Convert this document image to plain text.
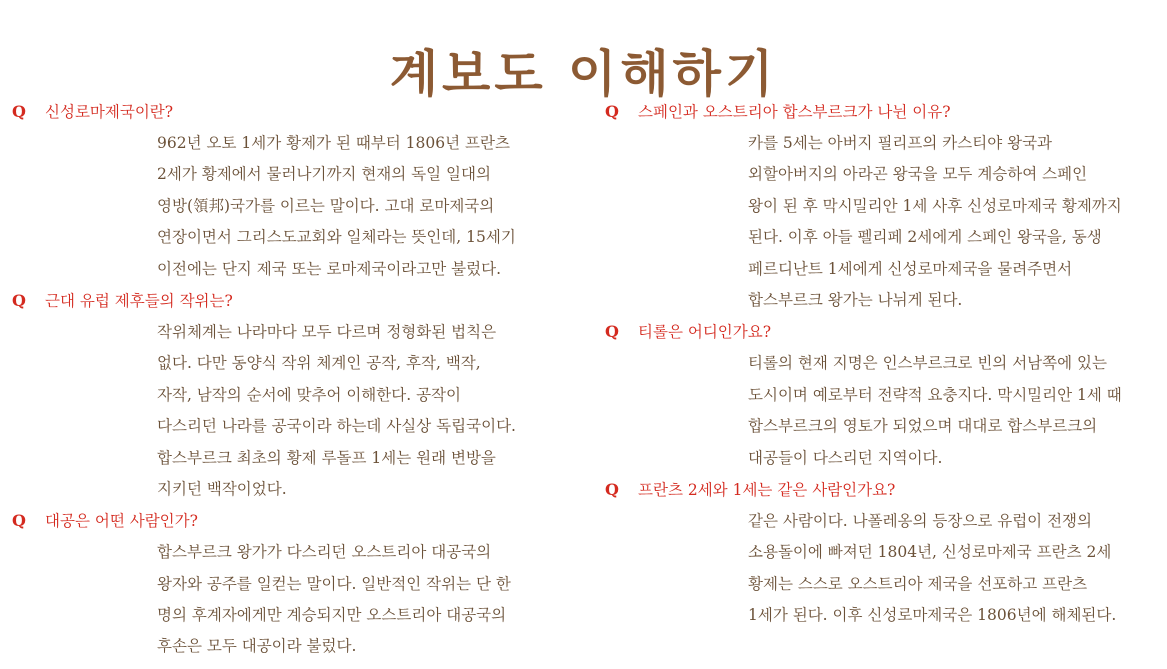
계보도 이해하기
Q	신성로마제국이란?
962년 오토 1세가 황제가 된 때부터 1806년 프란츠
2세가 황제에서 물러나기까지 현재의 독일 일대의
영방(領邦)국가를 이르는 말이다. 고대 로마제국의
연장이면서 그리스도교회와 일체라는 뜻인데, 15세기
이전에는 단지 제국 또는 로마제국이라고만 불렀다.
Q	근대 유럽 제후들의 작위는?
작위체계는 나라마다 모두 다르며 정형화된 법칙은
없다. 다만 동양식 작위 체계인 공작, 후작, 백작,
자작, 남작의 순서에 맞추어 이해한다. 공작이
다스리던 나라를 공국이라 하는데 사실상 독립국이다.
합스부르크 최초의 황제 루돌프 1세는 원래 변방을
지키던 백작이었다.
Q	대공은 어떤 사람인가?
합스부르크 왕가가 다스리던 오스트리아 대공국의
왕자와 공주를 일컫는 말이다. 일반적인 작위는 단 한
명의 후계자에게만 계승되지만 오스트리아 대공국의
후손은 모두 대공이라 불렀다.
Q	스페인과 오스트리아 합스부르크가 나뉜 이유?
카를 5세는 아버지 필리프의 카스티야 왕국과
외할아버지의 아라곤 왕국을 모두 계승하여 스페인
왕이 된 후 막시밀리안 1세 사후 신성로마제국 황제까지
된다. 이후 아들 펠리페 2세에게 스페인 왕국을, 동생
페르디난트 1세에게 신성로마제국을 물려주면서
합스부르크 왕가는 나뉘게 된다.
Q	티롤은 어디인가요?
티롤의 현재 지명은 인스부르크로 빈의 서남쪽에 있는
도시이며 예로부터 전략적 요충지다. 막시밀리안 1세 때
합스부르크의 영토가 되었으며 대대로 합스부르크의
대공들이 다스리던 지역이다.
Q	프란츠 2세와 1세는 같은 사람인가요?
같은 사람이다. 나폴레옹의 등장으로 유럽이 전쟁의
소용돌이에 빠져던 1804년, 신성로마제국 프란츠 2세
황제는 스스로 오스트리아 제국을 선포하고 프란츠
1세가 된다. 이후 신성로마제국은 1806년에 해체된다.
